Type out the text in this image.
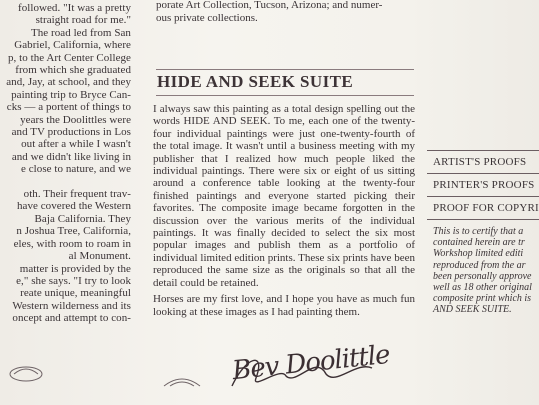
followed. "It was a pretty
straight road for me."
The road led from San
Gabriel, California, where
p, to the Art Center College
from which she graduated
and, Jay, at school, and they
painting trip to Bryce Can-
cks — a portent of things to
years the Doolittles were
and TV productions in Los
out after a while I wasn't
and we didn't like living in
e close to nature, and we
oth. Their frequent trav-
have covered the Western
Baja California. They
n Joshua Tree, California,
eles, with room to roam in
al Monument.
matter is provided by the
e," she says. "I try to look
reate unique, meaningful
Western wilderness and its
oncept and attempt to con-
porate Art Collection, Tucson, Arizona; and numer-
ous private collections.
HIDE AND SEEK SUITE

I always saw this painting as a total design spelling out the words HIDE AND SEEK. To me, each one of the twenty-four individual paintings were just one-twenty-fourth of the total image. It wasn't until a business meeting with my publisher that I realized how much people liked the individual paintings. There were six or eight of us sitting around a conference table looking at the twenty-four finished paintings and everyone started picking their favorites. The composite image became forgotten in the discussion over the various merits of the individual paintings. It was finally decided to select the six most popular images and publish them as a portfolio of individual limited edition prints. These six prints have been reproduced the same size as the originals so that all the detail could be retained.

Horses are my first love, and I hope you have as much fun looking at these images as I had painting them.

Bev Doolittle
ARTIST'S PROOFS
PRINTER'S PROOFS
PROOF FOR COPYRI
This is to certify that a
contained herein are tr
Workshop limited editi
reproduced from the ar
been personally approve
well as 18 other original
composite print which is
AND SEEK SUITE.
